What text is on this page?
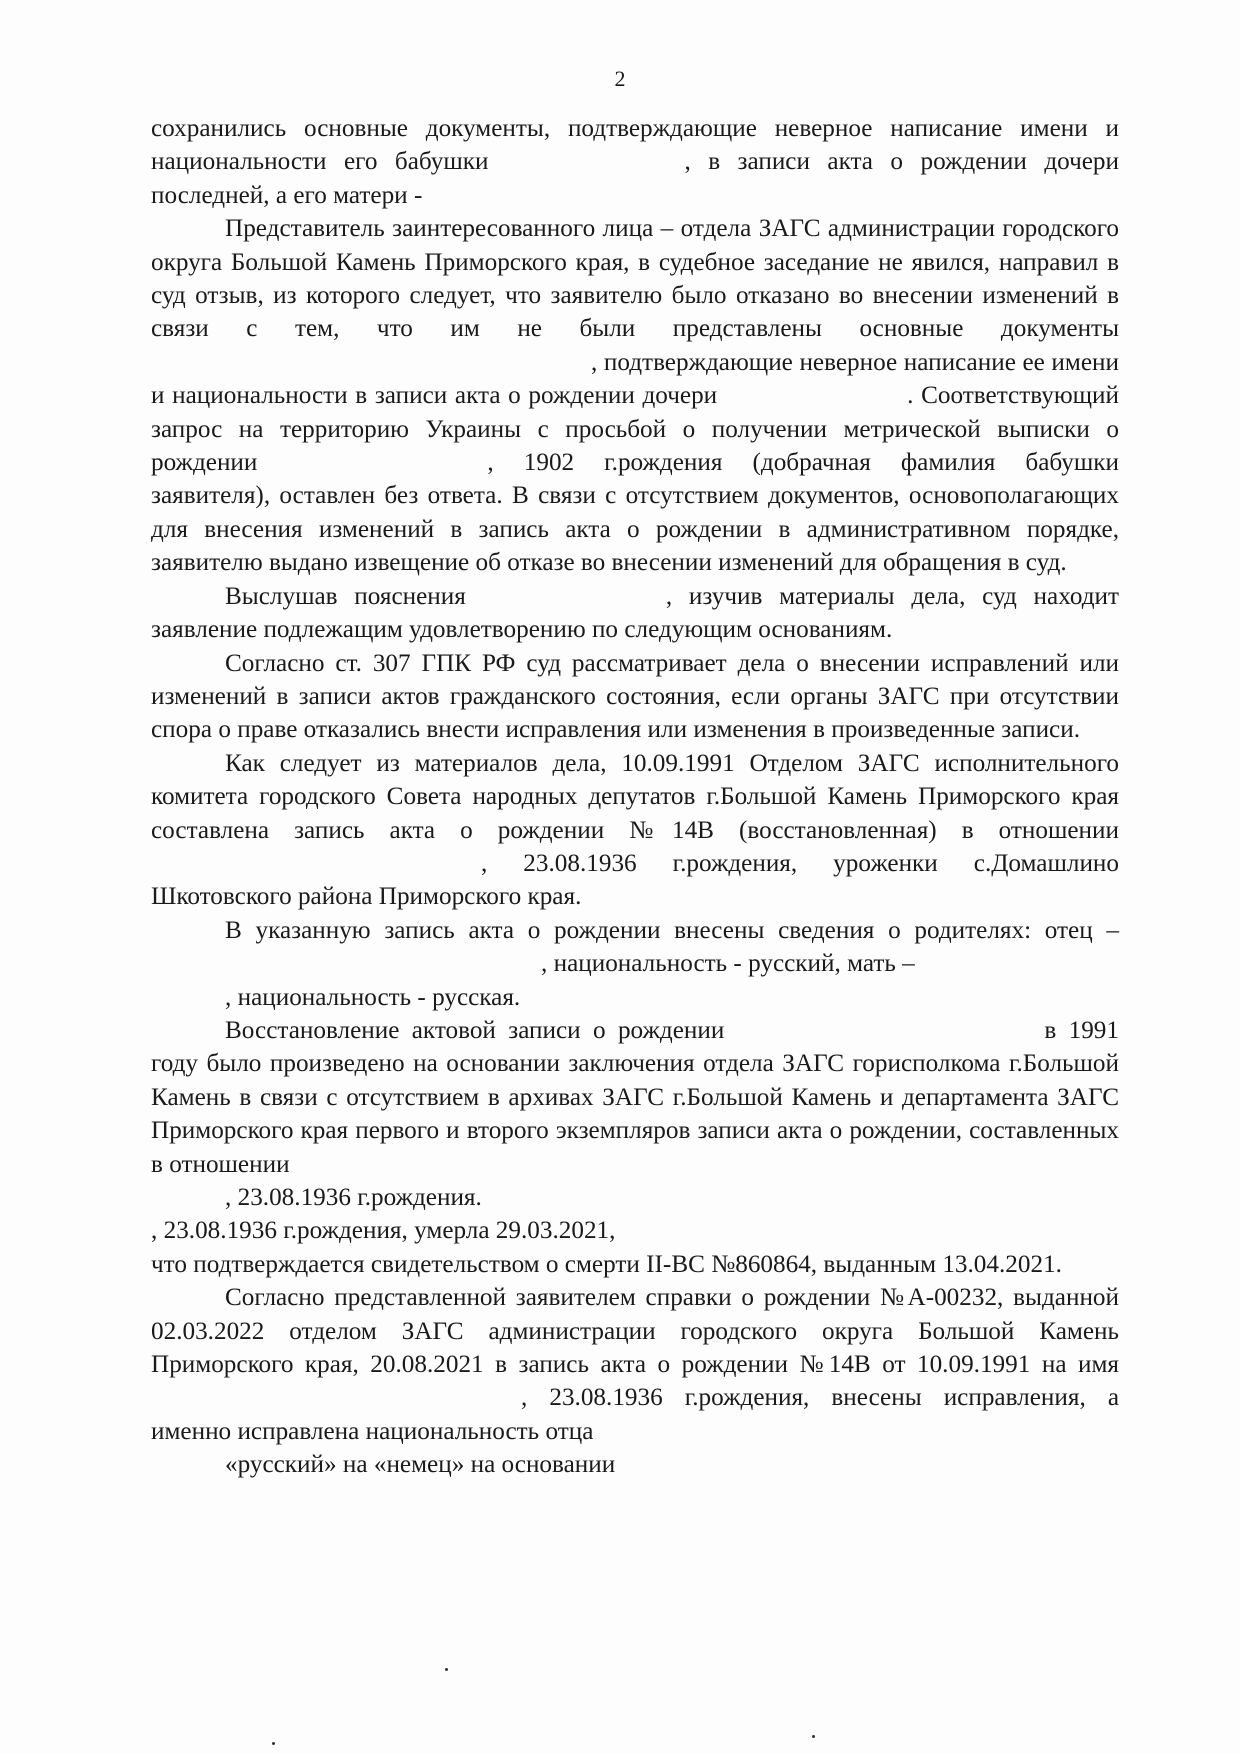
2

сохранились основные документы, подтверждающие неверное написание имени и национальности его бабушки	, в записи акта о рождении дочери последней, а его матери -

Представитель заинтересованного лица – отдела ЗАГС администрации городского округа Большой Камень Приморского края, в судебное заседание не явился, направил в суд отзыв, из которого следует, что заявителю было отказано во внесении изменений в связи с тем, что им не были представлены основные документы, подтверждающие неверное написание ее имени и национальности в записи акта о рождении дочери	. Соответствующий запрос на территорию Украины с просьбой о получении метрической выписки о рождении	, 1902 г.рождения (добрачная фамилия бабушки заявителя), оставлен без ответа. В связи с отсутствием документов, основополагающих для внесения изменений в запись акта о рождении в административном порядке, заявителю выдано извещение об отказе во внесении изменений для обращения в суд.

Выслушав пояснения	, изучив материалы дела, суд находит заявление подлежащим удовлетворению по следующим основаниям.

Согласно ст. 307 ГПК РФ суд рассматривает дела о внесении исправлений или изменений в записи актов гражданского состояния, если органы ЗАГС при отсутствии спора о праве отказались внести исправления или изменения в произведенные записи.

Как следует из материалов дела, 10.09.1991 Отделом ЗАГС исполнительного комитета городского Совета народных депутатов г.Большой Камень Приморского края составлена запись акта о рождении №14В (восстановленная) в отношении, 23.08.1936 г.рождения, уроженки с.Домашлино Шкотовского района Приморского края.

В указанную запись акта о рождении внесены сведения о родителях: отец –, национальность - русский, мать –
, национальность - русская.

Восстановление актовой записи о рождении	в 1991 году было произведено на основании заключения отдела ЗАГС горисполкома г.Большой Камень в связи с отсутствием в архивах ЗАГС г.Большой Камень и департамента ЗАГС Приморского края первого и второго экземпляров записи акта о рождении, составленных в отношении
, 23.08.1936 г.рождения.

, 23.08.1936 г.рождения, умерла 29.03.2021,
что подтверждается свидетельством о смерти II-ВС №860864, выданным 13.04.2021.

Согласно представленной заявителем справки о рождении №А-00232, выданной 02.03.2022 отделом ЗАГС администрации городского округа Большой Камень Приморского края, 20.08.2021 в запись акта о рождении №14В от 10.09.1991 на имя, 23.08.1936 г.рождения, внесены исправления, а именно исправлена национальность отца
«русский» на «немец» на основании
